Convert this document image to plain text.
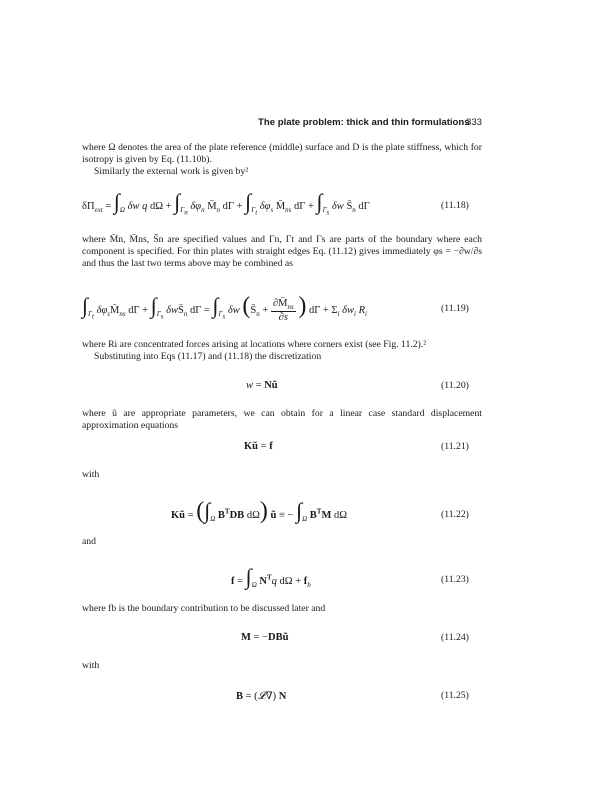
The plate problem: thick and thin formulations
333
where Ω denotes the area of the plate reference (middle) surface and D is the plate stiffness, which for isotropy is given by Eq. (11.10b).
Similarly the external work is given by²
$\delta\Pi_{ext} = \int_\Omega$ δw q $d\Omega + \int_{\Gamma_n}$ $\delta\varphi_n$ $M̄_n$ $d\Gamma + \int_{\Gamma_t}$ $\delta\varphi_s$ $M̄_{ns}$ $d\Gamma + \int_{\Gamma_s}$ δw $S̄_n$ dΓ	(11.18)
where M̄n, M̄ns, S̄n are specified values and Γn, Γt and Γs are parts of the boundary where each component is specified. For thin plates with straight edges Eq. (11.12) gives immediately φs = −∂w/∂s and thus the last two terms above may be combined as
$\int_{\Gamma_t}$ $\delta\varphi_sM̄_{ns}$ $d\Gamma + \int_{\Gamma_s}$ $\delta wS̄_n$ $d\Gamma = \int_{\Gamma_s}$ δw ($S̄_n + \frac{\partial M̄_{ns}}{\partial s}$ ) $d\Gamma + \Sigma_i$ $\delta w_i$ $R_i$
(11.19)
where Ri are concentrated forces arising at locations where corners exist (see Fig. 11.2).²
Substituting into Eqs (11.17) and (11.18) the discretization
w = Nũ	(11.20)
where ũ are appropriate parameters, we can obtain for a linear case standard displacement approximation equations
Kũ = f	(11.21)
with
Kũ = ($\int_\Omega$ $B^TDB$ dΩ) ũ ≡ − $\int_\Omega$ $B^TM$ dΩ	(11.22)
and
$f = \int_\Omega$ $N^Tq$ $d\Omega + f_b$
(11.23)
where fb is the boundary contribution to be discussed later and
M = −DBũ	(11.24)
with
B = (𝓛∇) N	(11.25)
